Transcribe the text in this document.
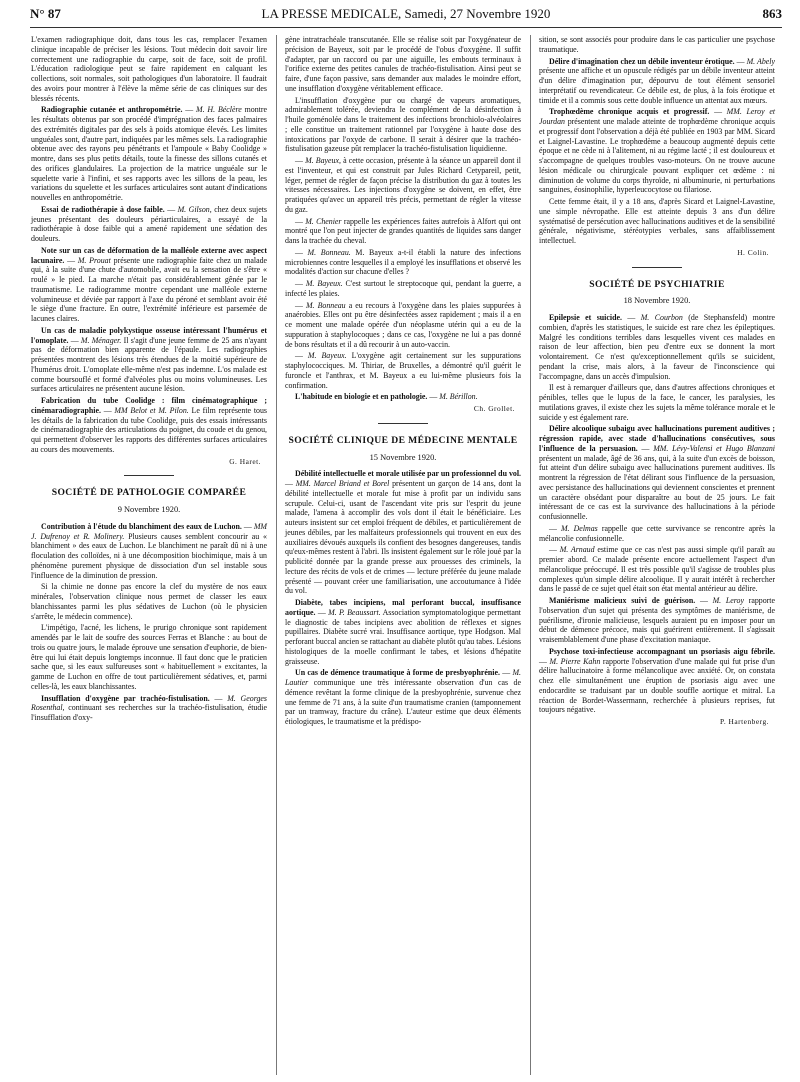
N° 87	LA PRESSE MEDICALE, Samedi, 27 Novembre 1920	863

L'examen radiographique doit, dans tous les cas, remplacer l'examen clinique incapable de préciser les lésions. Tout médecin doit savoir lire correctement une radiographie du carpe, soit de face, soit de profil. L'éducation radiologique peut se faire rapidement en calquant les collections, soit normales, soit pathologiques d'un laboratoire. Il faudrait des avoirs pour montrer à l'élève la même série de cas cliniques sur des blessés récents.

Radiographie cutanée et anthropométrie. — M. H. Béclère montre les résultats obtenus par son procédé d'imprégnation des faces palmaires des extrémités digitales par des sels à poids atomique élevés. Les limites unguéales sont, d'autre part, indiquées par les mêmes sels. La radiographie obtenue avec des rayons peu pénétrants et l'ampoule « Baby Coolidge » montre, dans ses plus petits détails, toute la finesse des sillons cutanés et des orifices glandulaires. La projection de la matrice unguéale sur le squelette varie à l'infini, et ses rapports avec les sillons de la peau, les variations du squelette et les surfaces articulaires sont autant d'indications nouvelles en anthropométrie.

Essai de radiothérapie à dose faible. — M. Gilson, chez deux sujets jeunes présentant des douleurs périarticulaires, a essayé de la radiothérapie à dose faible qui a amené rapidement une sédation des douleurs.

Note sur un cas de déformation de la malléole externe avec aspect lacunaire. — M. Prouat présente une radiographie faite chez un malade qui, à la suite d'une chute d'automobile, avait eu la sensation de s'être « roulé » le pied. La marche n'était pas considérablement gênée par le traumatisme. Le radiogramme montre cependant une malléole externe volumineuse et déviée par rapport à l'axe du péroné et semblant avoir été le siège d'une fracture. En outre, l'extrémité inférieure est parsemée de lacunes claires.

Un cas de maladie polykystique osseuse intéressant l'humérus et l'omoplate. — M. Ménager. Il s'agit d'une jeune femme de 25 ans n'ayant pas de déformation bien apparente de l'épaule. Les radiographies présentées montrent des lésions très étendues de la moitié supérieure de l'humérus droit. L'omoplate elle-même n'est pas indemne. L'os malade est comme boursouflé et formé d'alvéoles plus ou moins volumineuses. Les surfaces articulaires ne présentent aucune lésion.

Fabrication du tube Coolidge : film cinématographique ; cinémaradiographie. — MM Belot et M. Pilon. Le film représente tous les détails de la fabrication du tube Coolidge, puis des essais intéressants de cinémaradiographie des articulations du poignet, du coude et du genou, qui permettent d'observer les rapports des différentes surfaces articulaires au cours des mouvements.

G. Haret.
SOCIÉTÉ DE PATHOLOGIE COMPARÉE
9 Novembre 1920.

Contribution à l'étude du blanchiment des eaux de Luchon. — MM J. Dufrenoy et R. Molinery. Plusieurs causes semblent concourir au « blanchiment » des eaux de Luchon. Le blanchiment ne paraît dû ni à une floculation des colloïdes, ni à une décomposition biochimique, mais à un phénomène purement physique de dissociation d'un sel instable sous l'influence de la diminution de pression.

Si la chimie ne donne pas encore la clef du mystère de nos eaux minérales, l'observation clinique nous permet de classer les eaux blanchissantes parmi les plus sédatives de Luchon (où le physicien s'arrête, le médecin commence).

L'impétigo, l'acné, les lichens, le prurigo chronique sont rapidement amendés par le lait de soufre des sources Ferras et Blanche : au bout de trois ou quatre jours, le malade éprouve une sensation d'euphorie, de bien-être qui lui était depuis longtemps inconnue. Il faut donc que le praticien sache que, si les eaux sulfureuses sont « habituellement » excitantes, la gamme de Luchon en offre de tout particulièrement sédatives, et, parmi celles-là, les eaux blanchissantes.

Insufflation d'oxygène par trachéo-fistulisation. — M. Georges Rosenthal, continuant ses recherches sur la trachéo-fistulisation, étudie l'insufflation d'oxy-

gène intratrachéale transcutanée. Elle se réalise soit par l'oxygénateur de précision de Bayeux, soit par le procédé de l'obus d'oxygène. Il suffit d'adapter, par un raccord ou par une aiguille, les embouts terminaux à l'orifice externe des petites canules de trachéo-fistulisation. Ainsi peut se faire, d'une façon passive, sans demander aux malades le moindre effort, une insufflation d'oxygène véritablement efficace.

L'insufflation d'oxygène pur ou chargé de vapeurs aromatiques, admirablement tolérée, deviendra le complément de la désinfection à l'huile goménolée dans le traitement des infections bronchiolo-alvéolaires ; elle constitue un traitement rationnel par l'oxygène à haute dose des intoxications par l'oxyde de carbone. Il serait à désirer que la trachéo-fistulisation gazeuse pût remplacer la trachéo-fistulisation liquidienne.

— M. Bayeux, à cette occasion, présente à la séance un appareil dont il est l'inventeur, et qui est construit par Jules Richard Cetypareil, petit, léger, permet de régler de façon précise la distribution du gaz à toutes les vitesses nécessaires. Les injections d'oxygène se doivent, en effet, être pratiquées qu'avec un appareil très précis, permettant de régler la vitesse du gaz.

— M. Chenier rappelle les expériences faites autrefois à Alfort qui ont montré que l'on peut injecter de grandes quantités de liquides sans danger dans la trachée du cheval.

— M. Bonneau. M. Bayeux a-t-il établi la nature des infections microbiennes contre lesquelles il a employé les insufflations et observé les modalités d'action sur chacune d'elles ?

— M. Bayeux. C'est surtout le streptocoque qui, pendant la guerre, a infecté les plaies.

— M. Bonneau a eu recours à l'oxygène dans les plaies suppurées à anaérobies. Elles ont pu être désinfectées assez rapidement ; mais il a en ce moment une malade opérée d'un néoplasme utérin qui a eu de la suppuration à staphylocoques ; dans ce cas, l'oxygène ne lui a pas donné de bons résultats et il a dû recourir à un auto-vaccin.

— M. Bayeux. L'oxygène agit certainement sur les suppurations staphylococciques. M. Thiriar, de Bruxelles, a démontré qu'il guérit le furoncle et l'anthrax, et M. Bayeux a eu lui-même plusieurs fois la confirmation.

L'habitude en biologie et en pathologie. — M. Bérillon.

Ch. Grollet.
SOCIÉTÉ CLINIQUE DE MÉDECINE MENTALE
15 Novembre 1920.

Débilité intellectuelle et morale utilisée par un professionnel du vol. — MM. Marcel Briand et Borel présentent un garçon de 14 ans, dont la débilité intellectuelle et morale fut mise à profit par un individu sans scrupule. Celui-ci, usant de l'ascendant vite pris sur l'esprit du jeune malade, l'amena à accomplir des vols dont il était le bénéficiaire. Les auteurs insistent sur cet emploi fréquent de débiles, et particulièrement de jeunes débiles, par les malfaiteurs professionnels qui trouvent en eux des auxiliaires dévoués auxquels ils confient des besognes dangereuses, tandis qu'eux-mêmes restent à l'abri. Ils insistent également sur le rôle joué par la publicité donnée par la grande presse aux prouesses des criminels, la lecture des récits de vols et de crimes — lecture préférée du jeune malade présenté — pouvant créer une familiarisation, une accoutumance à l'idée du vol.

Diabète, tabes incipiens, mal perforant buccal, insuffisance aortique. — M. P. Beaussart. Association symptomatologique permettant le diagnostic de tabes incipiens avec abolition de réflexes et signes pupillaires. Diabète sucré vrai. Insuffisance aortique, type Hodgson. Mal perforant buccal ancien se rattachant au diabète plutôt qu'au tabes. Lésions histologiques de la moelle confirmant le tabes, et lésions d'hépatite graisseuse.

Un cas de démence traumatique à forme de presbyophrénie. — M. Lautier communique une très intéressante observation d'un cas de démence revêtant la forme clinique de la presbyophrénie, survenue chez une femme de 71 ans, à la suite d'un traumatisme cranien (tamponnement par un tramway, fracture du crâne). L'auteur estime que deux éléments étiologiques, le traumatisme et la prédispo-

sition, se sont associés pour produire dans le cas particulier une psychose traumatique.

Délire d'imagination chez un débile inventeur érotique. — M. Abely présente une affiche et un opuscule rédigés par un débile inventeur atteint d'un délire d'imagination pur, dépourvu de tout élément sensoriel interprétatif ou revendicateur. Ce débile est, de plus, à la fois érotique et timide et il a commis sous cette double influence un attentat aux mœurs.

Trophœdème chronique acquis et progressif. — MM. Leroy et Jourdan présentent une malade atteinte de trophœdème chronique acquis et progressif dont l'observation a déjà été publiée en 1903 par MM. Sicard et Laignel-Lavastine. Le trophœdème a beaucoup augmenté depuis cette époque et ne cède ni à l'alitement, ni au régime lacté ; il est douloureux et s'accompagne de quelques troubles vaso-moteurs. On ne trouve aucune lésion médicale ou chirurgicale pouvant expliquer cet œdème : ni diminution de volume du corps thyroïde, ni albuminurie, ni perturbations sanguines, éosinophilie, hyperleucocytose ou filariose.

Cette femme était, il y a 18 ans, d'après Sicard et Laignel-Lavastine, une simple névropathe. Elle est atteinte depuis 3 ans d'un délire systématisé de persécution avec hallucinations auditives et de la sensibilité générale, négativisme, stéréotypies verbales, sans affaiblissement intellectuel.

H. Colin.
SOCIÉTÉ DE PSYCHIATRIE
18 Novembre 1920.

Epilepsie et suicide. — M. Courbon (de Stephansfeld) montre combien, d'après les statistiques, le suicide est rare chez les épileptiques. Malgré les conditions terribles dans lesquelles vivent ces malades en raison de leur affection, bien peu d'entre eux se donnent la mort volontairement. Ce n'est qu'exceptionnellement qu'ils se suicident, pendant la crise, mais alors, à la faveur de l'inconscience qui l'accompagne, dans un accès d'impulsion.

Il est à remarquer d'ailleurs que, dans d'autres affections chroniques et pénibles, telles que le lupus de la face, le cancer, les paralysies, les mutilations graves, il existe chez les sujets la même tolérance morale et le suicide y est également rare.

Délire alcoolique subaigu avec hallucinations purement auditives ; régression rapide, avec stade d'hallucinations consécutives, sous l'influence de la persuasion. — MM. Lévy-Valensi et Hugo Blanzani présentent un malade, âgé de 36 ans, qui, à la suite d'un excès de boisson, fut atteint d'un délire subaigu avec hallucinations purement auditives. Ils montrent la régression de l'état délirant sous l'influence de la persuasion, avec persistance des hallucinations qui deviennent conscientes et prennent un caractère obsédant pour disparaître au bout de 25 jours. Le fait intéressant de ce cas est la survivance des hallucinations à la période confusionnelle.

— M. Delmas rappelle que cette survivance se rencontre après la mélancolie confusionnelle.

— M. Arnaud estime que ce cas n'est pas aussi simple qu'il paraît au premier abord. Ce malade présente encore actuellement l'aspect d'un mélancolique préoccupé. Il est très possible qu'il s'agisse de troubles plus complexes qu'un simple délire alcoolique. Il y aurait intérêt à rechercher dans le passé de ce sujet quel était son état mental antérieur au délire.

Maniérisme malicieux suivi de guérison. — M. Leroy rapporte l'observation d'un sujet qui présenta des symptômes de maniérisme, de puérilisme, d'ironie malicieuse, lesquels auraient pu en imposer pour un début de démence précoce, mais qui guérirent entièrement. Il s'agissait vraisemblablement d'une phase d'excitation maniaque.

Psychose toxi-infectieuse accompagnant un psoriasis aigu fébrile. — M. Pierre Kahn rapporte l'observation d'une malade qui fut prise d'un délire hallucinatoire à forme mélancolique avec anxiété. Or, on constata chez elle simultanément une éruption de psoriasis aigu avec une endocardite se traduisant par un double souffle aortique et mitral. La réaction de Bordet-Wassermann, recherchée à plusieurs reprises, fut toujours négative.

P. Hartenberg.
